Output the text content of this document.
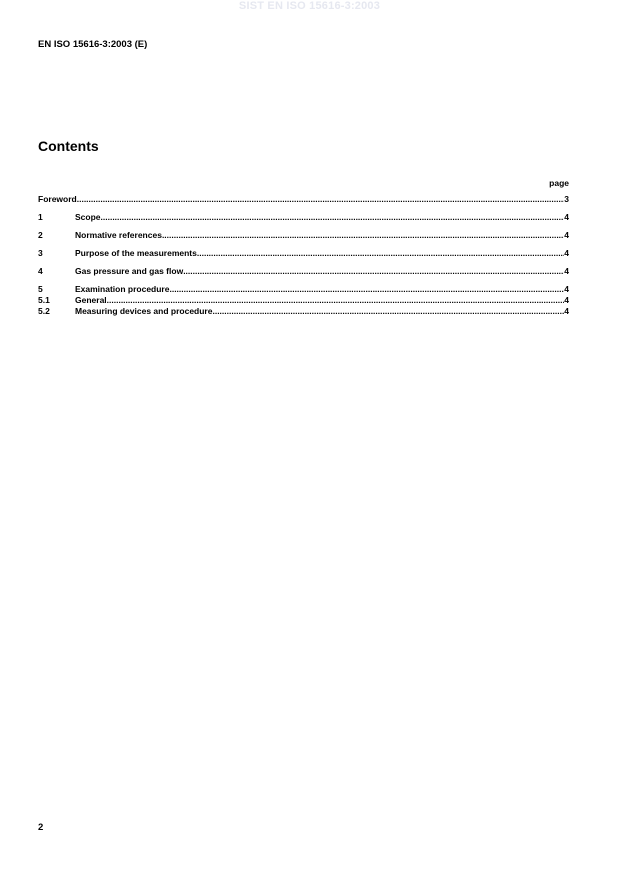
SIST EN ISO 15616-3:2003
EN ISO 15616-3:2003 (E)
Contents
page
Foreword .....	3
1	Scope .....	4
2	Normative references .....	4
3	Purpose of the measurements .....	4
4	Gas pressure and gas flow .....	4
5	Examination procedure .....	4
5.1	General .....	4
5.2	Measuring devices and procedure .....	4
2
